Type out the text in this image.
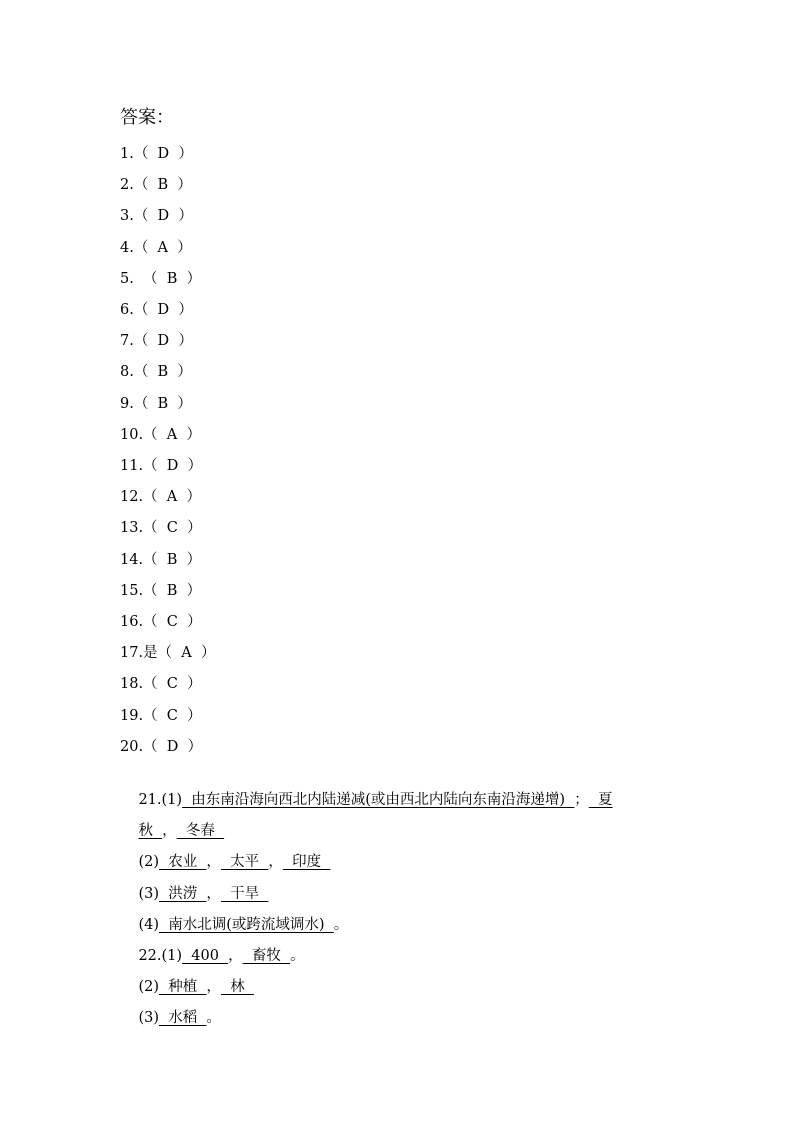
答案：
1.（  D  ）
2.（  B  ）
3.（  D  ）
4.（  A  ）
5.  （  B  ）
6.（  D  ）
7.（  D  ）
8.（  B  ）
9.（  B  ）
10.（  A  ）
11.（  D  ）
12.（  A  ）
13.（  C  ）
14.（  B  ）
15.（  B  ）
16.（  C  ）
17.是（  A  ）
18.（  C  ）
19.（  C  ）
20.（  D  ）

21.(1)  由东南沿海向西北内陆递减(或由西北内陆向东南沿海递增)  ；  夏

秋  ，  冬春

(2)  农业  ，  太平  ，  印度

(3)  洪涝  ，  干旱

(4)  南水北调(或跨流域调水)  。

22.(1)  400  ，  畜牧  。

(2)  种植  ，  林

(3)  水稻  。
